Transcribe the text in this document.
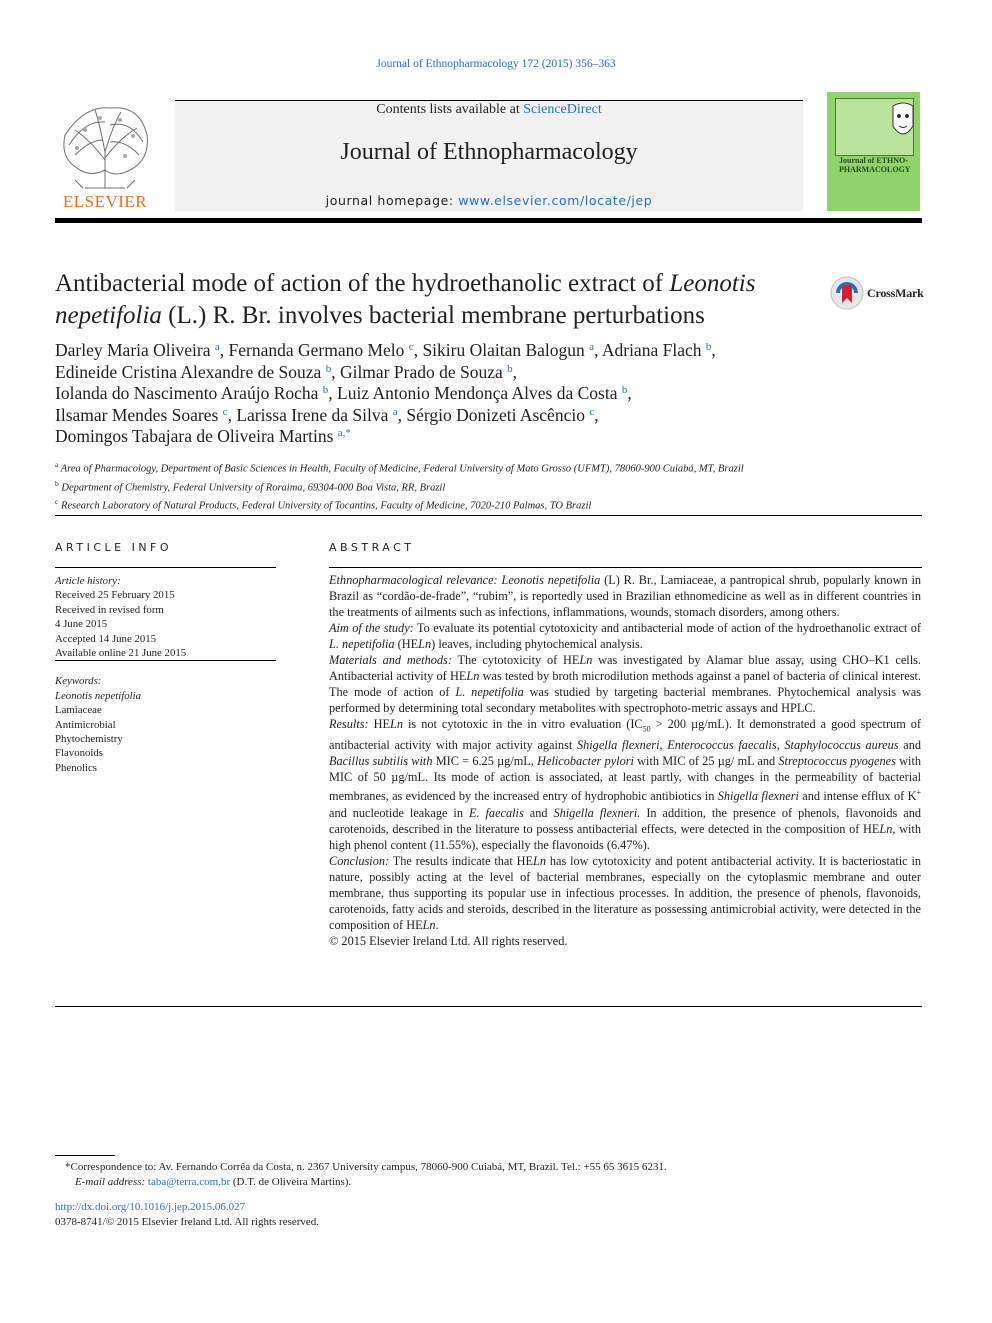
Journal of Ethnopharmacology 172 (2015) 356–363
ELSEVIER
Contents lists available at ScienceDirect
Journal of Ethnopharmacology
journal homepage: www.elsevier.com/locate/jep
Journal of ETHNO-PHARMACOLOGY
Antibacterial mode of action of the hydroethanolic extract of Leonotis nepetifolia (L.) R. Br. involves bacterial membrane perturbations
CrossMark
Darley Maria Oliveira $^a$, Fernanda Germano Melo $^c$, Sikiru Olaitan Balogun $^a$, Adriana Flach $^b$,
Edineide Cristina Alexandre de Souza $^b$, Gilmar Prado de Souza $^b$,
Iolanda do Nascimento Araújo Rocha $^b$, Luiz Antonio Mendonça Alves da Costa $^b$,
Ilsamar Mendes Soares $^c$, Larissa Irene da Silva $^a$, Sérgio Donizeti Ascêncio $^c$,
Domingos Tabajara de Oliveira Martins $^{a,*}$
$^a$ Area of Pharmacology, Department of Basic Sciences in Health, Faculty of Medicine, Federal University of Mato Grosso (UFMT), 78060-900 Cuiabá, MT, Brazil
$^b$ Department of Chemistry, Federal University of Roraima, 69304-000 Boa Vista, RR, Brazil
$^c$ Research Laboratory of Natural Products, Federal University of Tocantins, Faculty of Medicine, 7020-210 Palmas, TO Brazil
ARTICLE INFO
Article history:
Received 25 February 2015
Received in revised form
4 June 2015
Accepted 14 June 2015
Available online 21 June 2015
Keywords:
Leonotis nepetifolia
Lamiaceae
Antimicrobial
Phytochemistry
Flavonoids
Phenolics
ABSTRACT

Ethnopharmacological relevance: Leonotis nepetifolia (L) R. Br., Lamiaceae, a pantropical shrub, popularly known in Brazil as “cordão-de-frade”, “rubim”, is reportedly used in Brazilian ethnomedicine as well as in different countries in the treatments of ailments such as infections, inflammations, wounds, stomach disorders, among others.

Aim of the study: To evaluate its potential cytotoxicity and antibacterial mode of action of the hydroethanolic extract of L. nepetifolia (HELn) leaves, including phytochemical analysis.

Materials and methods: The cytotoxicity of HELn was investigated by Alamar blue assay, using CHO–K1 cells. Antibacterial activity of HELn was tested by broth microdilution methods against a panel of bacteria of clinical interest. The mode of action of L. nepetifolia was studied by targeting bacterial membranes. Phytochemical analysis was performed by determining total secondary metabolites with spectrophoto-metric assays and HPLC.

Results: HELn is not cytotoxic in the in vitro evaluation ($IC_{50} > 200$ µg/mL). It demonstrated a good spectrum of antibacterial activity with major activity against Shigella flexneri, Enterococcus faecalis, Staphylococcus aureus and Bacillus subtilis with MIC = 6.25 µg/mL, Helicobacter pylori with MIC of 25 µg/ mL and Streptococcus pyogenes with MIC of 50 µg/mL. Its mode of action is associated, at least partly, with changes in the permeability of bacterial membranes, as evidenced by the increased entry of hydrophobic antibiotics in Shigella flexneri and intense efflux of K+ and nucleotide leakage in E. faecalis and Shigella flexneri. In addition, the presence of phenols, flavonoids and carotenoids, described in the literature to possess antibacterial effects, were detected in the composition of HELn, with high phenol content (11.55%), especially the flavonoids (6.47%).

Conclusion: The results indicate that HELn has low cytotoxicity and potent antibacterial activity. It is bacteriostatic in nature, possibly acting at the level of bacterial membranes, especially on the cytoplasmic membrane and outer membrane, thus supporting its popular use in infectious processes. In addition, the presence of phenols, flavonoids, carotenoids, fatty acids and steroids, described in the literature as possessing antimicrobial activity, were detected in the composition of HELn.

© 2015 Elsevier Ireland Ltd. All rights reserved.

*Correspondence to: Av. Fernando Corrêa da Costa, n. 2367 University campus, 78060-900 Cuiabá, MT, Brazil. Tel.: +55 65 3615 6231.
E-mail address: taba@terra.com.br (D.T. de Oliveira Martins).
http://dx.doi.org/10.1016/j.jep.2015.06.027
0378-8741/© 2015 Elsevier Ireland Ltd. All rights reserved.
